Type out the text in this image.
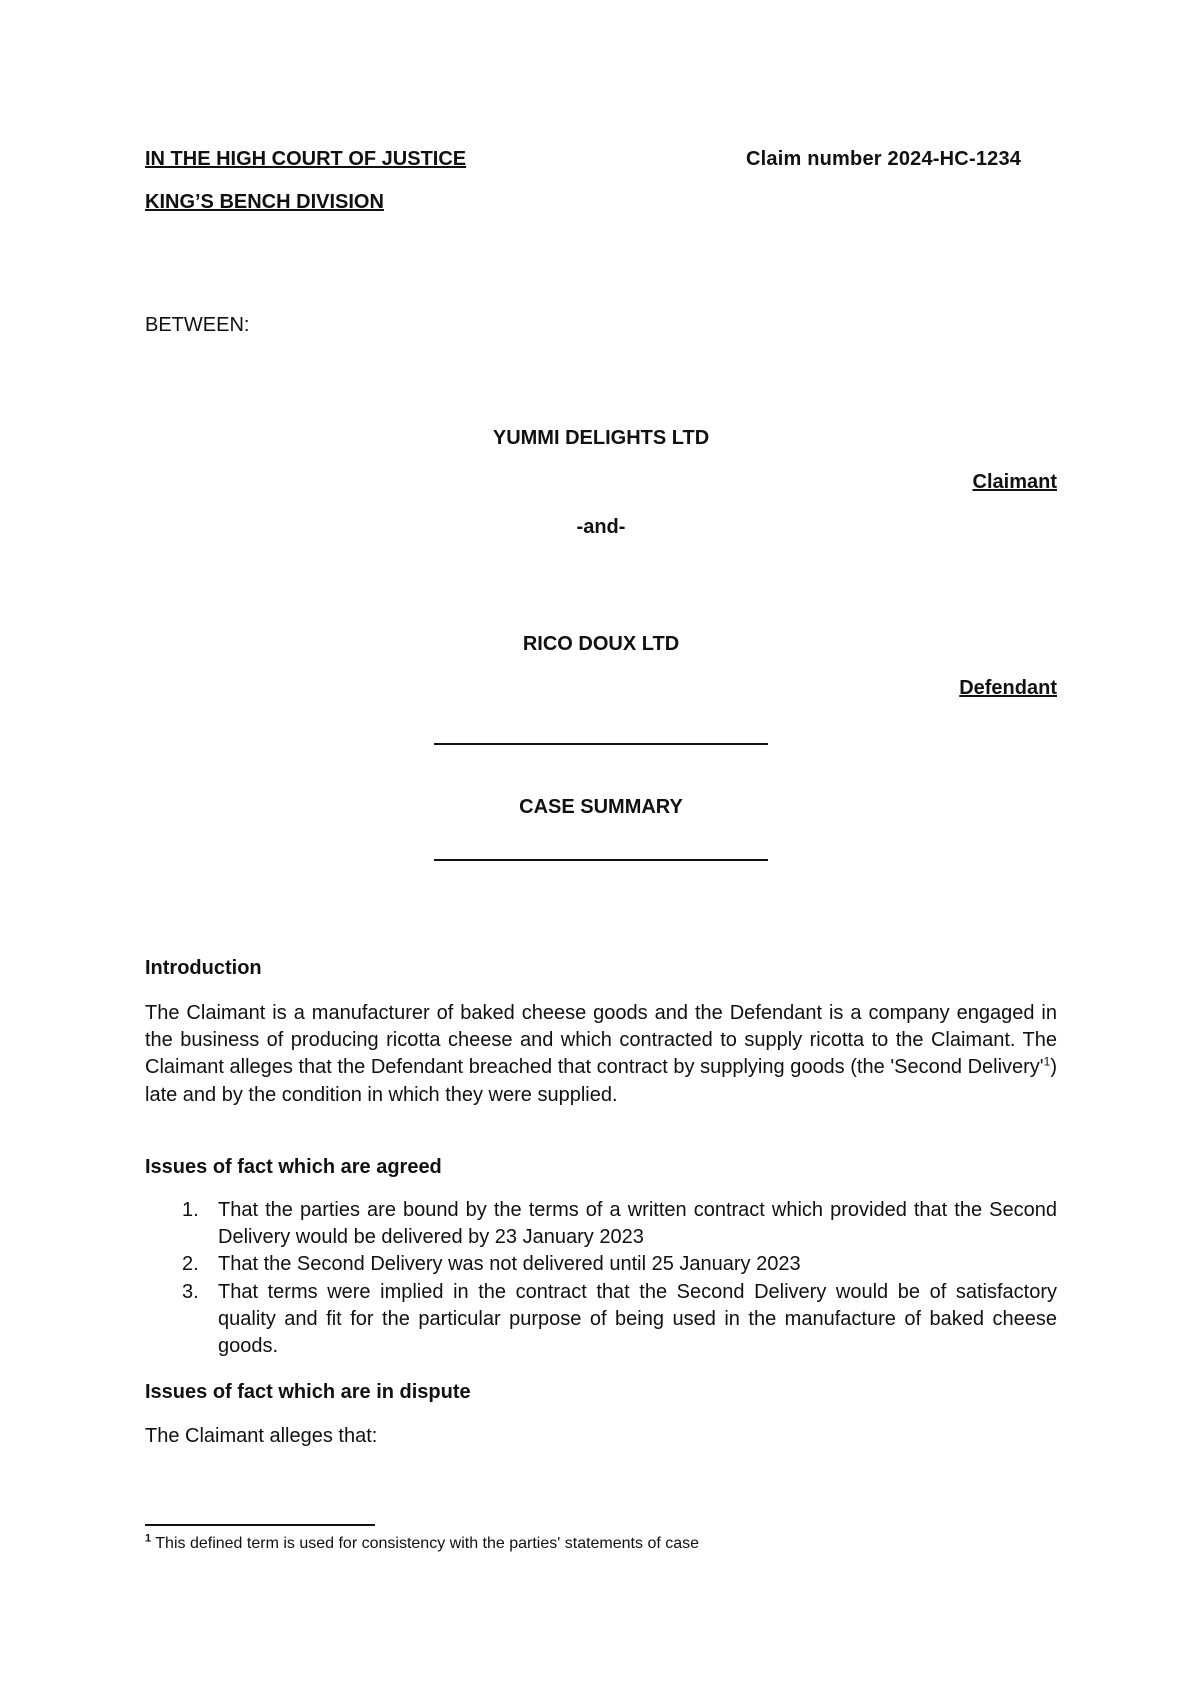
IN THE HIGH COURT OF JUSTICE
KING’S BENCH DIVISION
Claim number 2024-HC-1234
BETWEEN:
YUMMI DELIGHTS LTD
Claimant
-and-
RICO DOUX LTD
Defendant
CASE SUMMARY
Introduction
The Claimant is a manufacturer of baked cheese goods and the Defendant is a company engaged in the business of producing ricotta cheese and which contracted to supply ricotta to the Claimant. The Claimant alleges that the Defendant breached that contract by supplying goods (the 'Second $Delivery'^1$) late and by the condition in which they were supplied.
Issues of fact which are agreed
1. That the parties are bound by the terms of a written contract which provided that the Second Delivery would be delivered by 23 January 2023
2. That the Second Delivery was not delivered until 25 January 2023
3. That terms were implied in the contract that the Second Delivery would be of satisfactory quality and fit for the particular purpose of being used in the manufacture of baked cheese goods.
Issues of fact which are in dispute
The Claimant alleges that:
$^1$ This defined term is used for consistency with the parties' statements of case
